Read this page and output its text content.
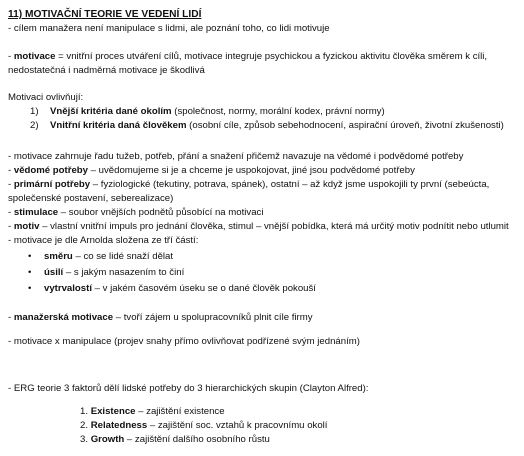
11) MOTIVAČNÍ TEORIE VE VEDENÍ LIDÍ
- cílem manažera není manipulace s lidmi, ale poznání toho, co lidi motivuje
- motivace = vnitřní proces utváření cílů, motivace integruje psychickou a fyzickou aktivitu člověka směrem k cíli,
nedostatečná i nadměrná motivace je škodlivá
Motivaci ovlivňují:
1) Vnější kritéria dané okolím (společnost, normy, morální kodex, právní normy)
2) Vnitřní kritéria daná člověkem (osobní cíle, způsob sebehodnocení, aspirační úroveň, životní zkušenosti)
- motivace zahrnuje řadu tužeb, potřeb, přání a snažení přičemž navazuje na vědomé i podvědomé potřeby
- vědomé potřeby – uvědomujeme si je a chceme je uspokojovat, jiné jsou podvědomé potřeby
- primární potřeby – fyziologické (tekutiny, potrava, spánek), ostatní – až když jsme uspokojili ty první (sebeúcta,
společenské postavení, seberealizace)
- stimulace – soubor vnějších podnětů působící na motivaci
- motiv – vlastní vnitřní impuls pro jednání člověka, stimul – vnější pobídka, která má určitý motiv podnítit nebo utlumit
- motivace je dle Arnolda složena ze tří částí:
• směru – co se lidé snaží dělat
• úsilí – s jakým nasazením to činí
• vytrvalostí – v jakém časovém úseku se o dané člověk pokouší
- manažerská motivace – tvoří zájem u spolupracovníků plnit cíle firmy
- motivace x manipulace (projev snahy přímo ovlivňovat podřízené svým jednáním)
- ERG teorie 3 faktorů dělí lidské potřeby do 3 hierarchických skupin (Clayton Alfred):
1. Existence – zajištění existence
2. Relatedness – zajištění soc. vztahů k pracovnímu okolí
3. Growth – zajištění dalšího osobního růstu
